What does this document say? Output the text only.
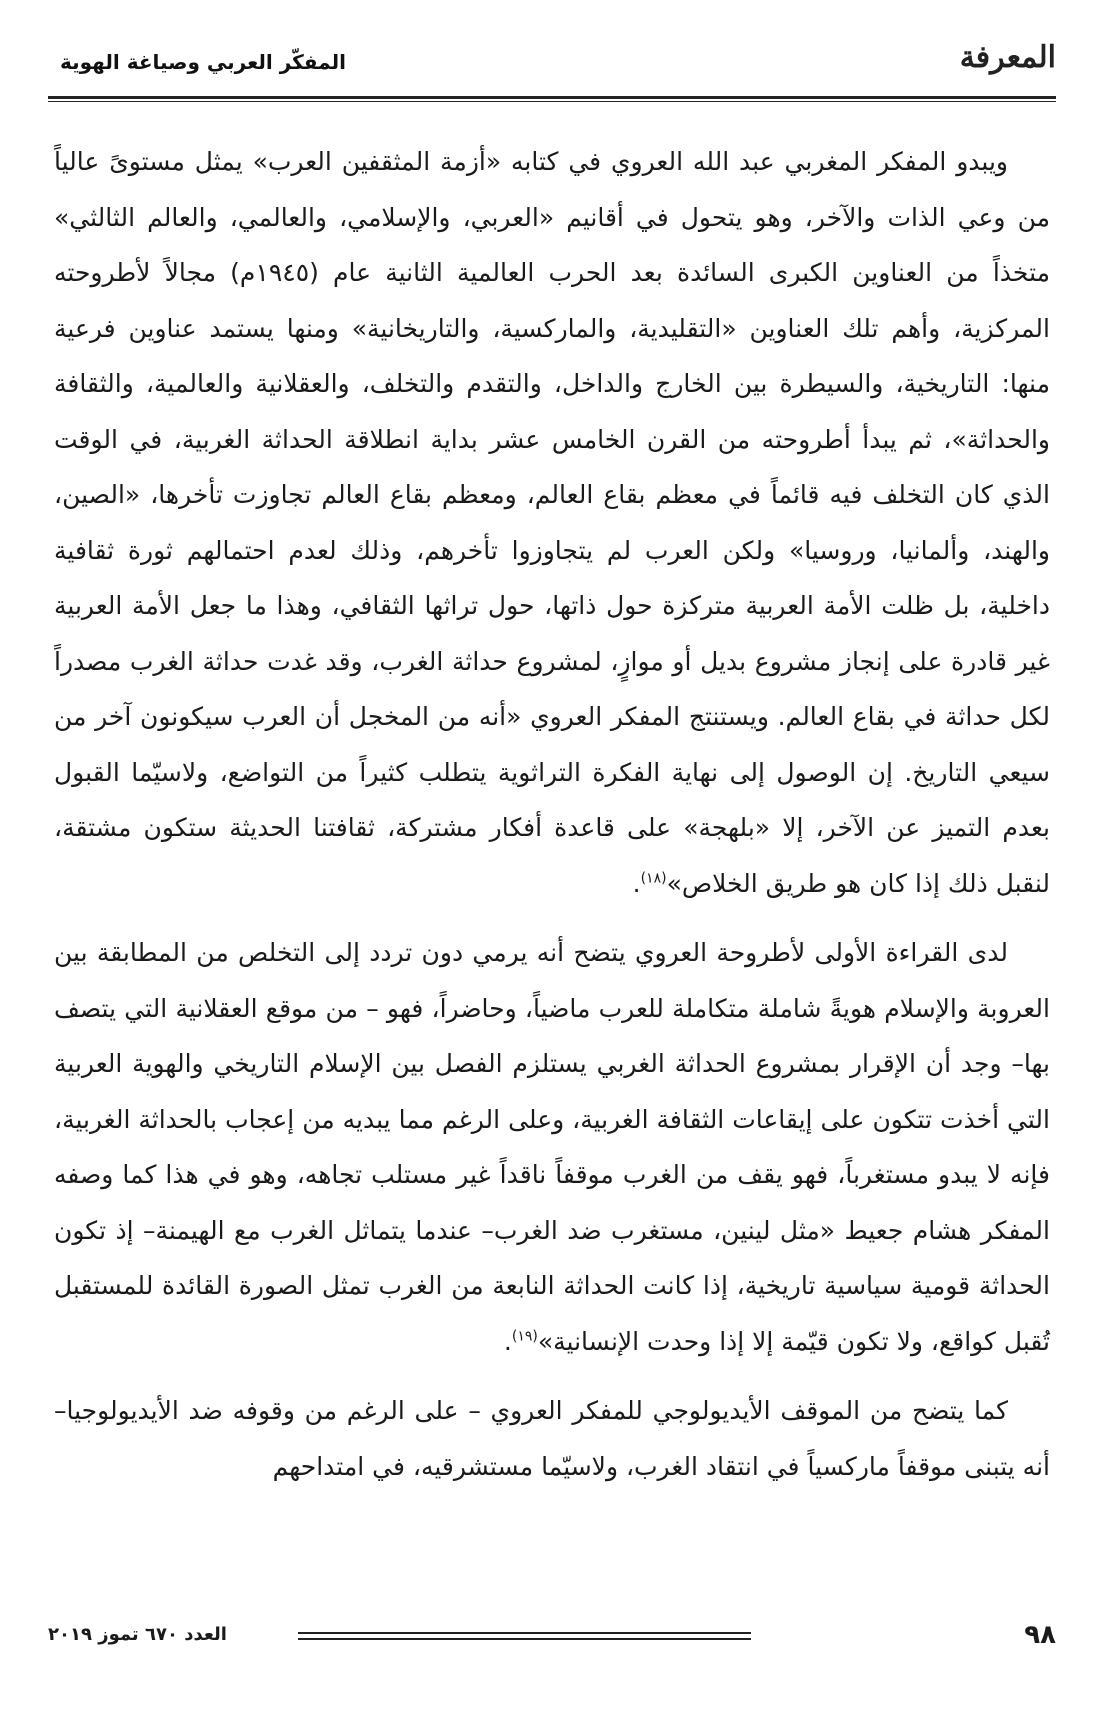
المعرفة
المفكّر العربي وصياغة الهوية

ويبدو المفكر المغربي عبد الله العروي في كتابه «أزمة المثقفين العرب» يمثل مستوىً عالياً من وعي الذات والآخر، وهو يتحول في أقانيم «العربي، والإسلامي، والعالمي، والعالم الثالثي» متخذاً من العناوين الكبرى السائدة بعد الحرب العالمية الثانية عام (١٩٤٥م) مجالاً لأطروحته المركزية، وأهم تلك العناوين «التقليدية، والماركسية، والتاريخانية» ومنها يستمد عناوين فرعية منها: التاريخية، والسيطرة بين الخارج والداخل، والتقدم والتخلف، والعقلانية والعالمية، والثقافة والحداثة»، ثم يبدأ أطروحته من القرن الخامس عشر بداية انطلاقة الحداثة الغربية، في الوقت الذي كان التخلف فيه قائماً في معظم بقاع العالم، ومعظم بقاع العالم تجاوزت تأخرها، «الصين، والهند، وألمانيا، وروسيا» ولكن العرب لم يتجاوزوا تأخرهم، وذلك لعدم احتمالهم ثورة ثقافية داخلية، بل ظلت الأمة العربية متركزة حول ذاتها، حول تراثها الثقافي، وهذا ما جعل الأمة العربية غير قادرة على إنجاز مشروع بديل أو موازٍ، لمشروع حداثة الغرب، وقد غدت حداثة الغرب مصدراً لكل حداثة في بقاع العالم. ويستنتج المفكر العروي «أنه من المخجل أن العرب سيكونون آخر من سيعي التاريخ. إن الوصول إلى نهاية الفكرة التراثوية يتطلب كثيراً من التواضع، ولاسيّما القبول بعدم التميز عن الآخر، إلا «بلهجة» على قاعدة أفكار مشتركة، ثقافتنا الحديثة ستكون مشتقة، لنقبل ذلك إذا كان هو طريق الخلاص»$^{(١٨)}$.

لدى القراءة الأولى لأطروحة العروي يتضح أنه يرمي دون تردد إلى التخلص من المطابقة بين العروبة والإسلام هويةً شاملة متكاملة للعرب ماضياً، وحاضراً، فهو – من موقع العقلانية التي يتصف بها– وجد أن الإقرار بمشروع الحداثة الغربي يستلزم الفصل بين الإسلام التاريخي والهوية العربية التي أخذت تتكون على إيقاعات الثقافة الغربية، وعلى الرغم مما يبديه من إعجاب بالحداثة الغربية، فإنه لا يبدو مستغرباً، فهو يقف من الغرب موقفاً ناقداً غير مستلب تجاهه، وهو في هذا كما وصفه المفكر هشام جعيط «مثل لينين، مستغرب ضد الغرب– عندما يتماثل الغرب مع الهيمنة– إذ تكون الحداثة قومية سياسية تاريخية، إذا كانت الحداثة النابعة من الغرب تمثل الصورة القائدة للمستقبل تُقبل كواقع، ولا تكون قيّمة إلا إذا وحدت الإنسانية»$^{(١٩)}$.

كما يتضح من الموقف الأيديولوجي للمفكر العروي – على الرغم من وقوفه ضد الأيديولوجيا– أنه يتبنى موقفاً ماركسياً في انتقاد الغرب، ولاسيّما مستشرقيه، في امتداحهم

٩٨
العدد ٦٧٠ تموز ٢٠١٩
